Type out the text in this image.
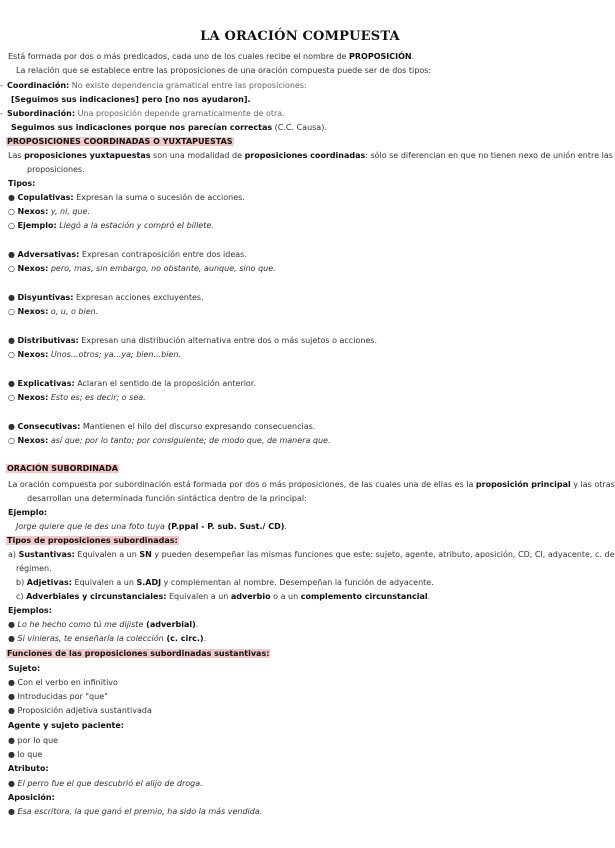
LA ORACIÓN COMPUESTA
Está formada por dos o más predicados, cada uno de los cuales recibe el nombre de PROPOSICIÓN.
La relación que se establece entre las proposiciones de una oración compuesta puede ser de dos tipos:
- Coordinación: No existe dependencia gramatical entre las proposiciones:
[Seguimos sus indicaciones] pero [no nos ayudaron].
- Subordinación: Una proposición depende gramaticalmente de otra.
Seguimos sus indicaciones porque nos parecían correctas (C.C. Causa).
PROPOSICIONES COORDINADAS O YUXTAPUESTAS
Las proposiciones yuxtapuestas son una modalidad de proposiciones coordinadas: sólo se diferencian en que no tienen nexo de unión entre las
proposiciones.
Tipos:
● Copulativas: Expresan la suma o sucesión de acciones.
○ Nexos: y, ni, que.
○ Ejemplo: Llegó a la estación y compró el billete.
● Adversativas: Expresan contraposición entre dos ideas.
○ Nexos: pero, mas, sin embargo, no obstante, aunque, sino que.
● Disyuntivas: Expresan acciones excluyentes.
○ Nexos: o, u, o bien.
● Distributivas: Expresan una distribución alternativa entre dos o más sujetos o acciones.
○ Nexos: Unos...otros; ya...ya; bien...bien.
● Explicativas: Aclaran el sentido de la proposición anterior.
○ Nexos: Esto es; es decir; o sea.
● Consecutivas: Mantienen el hilo del discurso expresando consecuencias.
○ Nexos: así que; por lo tanto; por consiguiente; de modo que, de manera que.
ORACIÓN SUBORDINADA
La oración compuesta por subordinación está formada por dos o más proposiciones, de las cuales una de ellas es la proposición principal y las otras
desarrollan una determinada función sintáctica dentro de la principal:
Ejemplo:
Jorge quiere que le des una foto tuya (P.ppal - P. sub. Sust./ CD).
Tipos de proposiciones subordinadas:
a) Sustantivas: Equivalen a un SN y pueden desempeñar las mismas funciones que este: sujeto, agente, atributo, aposición, CD, CI, adyacente, c. de
régimen.
b) Adjetivas: Equivalen a un S.ADJ y complementan al nombre. Desempeñan la función de adyacente.
c) Adverbiales y circunstanciales: Equivalen a un adverbio o a un complemento circunstancial.
Ejemplos:
● Lo he hecho como tú me dijiste (adverbial).
● Si vinieras, te enseñaría la colección (c. circ.).
Funciones de las proposiciones subordinadas sustantivas:
Sujeto:
● Con el verbo en infinitivo
● Introducidas por "que"
● Proposición adjetiva sustantivada
Agente y sujeto paciente:
● por lo que
● lo que
Atributo:
● El perro fue el que descubrió el alijo de droga.
Aposición:
● Esa escritora, la que ganó el premio, ha sido la más vendida.
